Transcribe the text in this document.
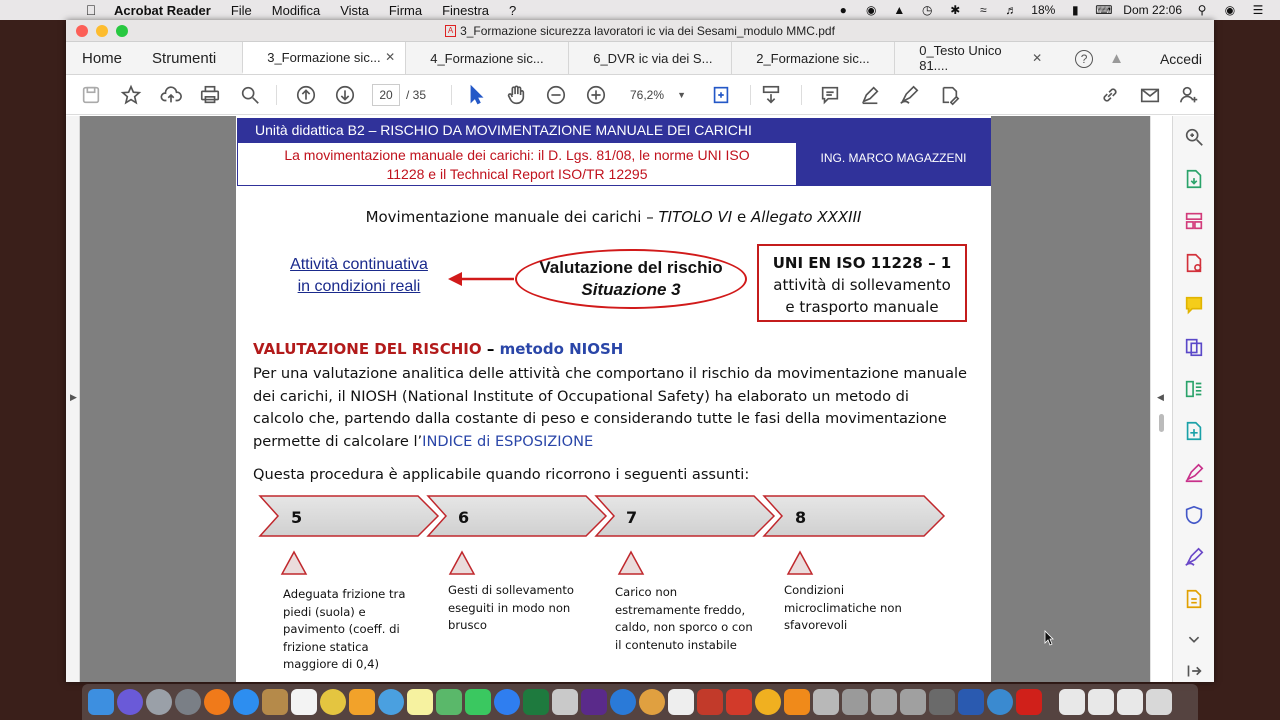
Acrobat Reader File Modifica Vista Firma Finestra ?	●	◉ ▲ ◷ ✱	≈	♬ 18%	▮	⌨ Dom 22:06 ⚲	◉ ☰
A 3_Formazione sicurezza lavoratori ic via dei Sesami_modulo MMC.pdf
Home	Strumenti	3_Formazione sic... ✕	4_Formazione sic...	6_DVR ic via dei S...	2_Formazione sic...	0_Testo Unico 81....	✕	?	▲	Accedi
20	/ 35	76,2% ▼
▶
Unità didattica B2 – RISCHIO DA MOVIMENTAZIONE MANUALE DEI CARICHI
La movimentazione manuale dei carichi: il D. Lgs. 81/08, le norme UNI ISO
11228 e il Technical Report ISO/TR 12295
ING. MARCO MAGAZZENI
Movimentazione manuale dei carichi – TITOLO VI e Allegato XXXIII
Attività continuativa
in condizioni reali
Valutazione del rischio
Situazione 3
UNI EN ISO 11228 – 1
attività di sollevamento
e trasporto manuale
VALUTAZIONE DEL RISCHIO – metodo NIOSH
Per una valutazione analitica delle attività che comportano il rischio da movimentazione manuale
dei carichi, il NIOSH (National Institute of Occupational Safety) ha elaborato un metodo di
calcolo che, partendo dalla costante di peso e considerando tutte le fasi della movimentazione
permette di calcolare l’INDICE di ESPOSIZIONE
Questa procedura è applicabile quando ricorrono i seguenti assunti:
5	6	7	8
Adeguata frizione tra
piedi (suola) e
pavimento (coeff. di
frizione statica
maggiore di 0,4)
Gesti di sollevamento
eseguiti in modo non
brusco
Carico non
estremamente freddo,
caldo, non sporco o con
il contenuto instabile
Condizioni
microclimatiche non
sfavorevoli
◀
